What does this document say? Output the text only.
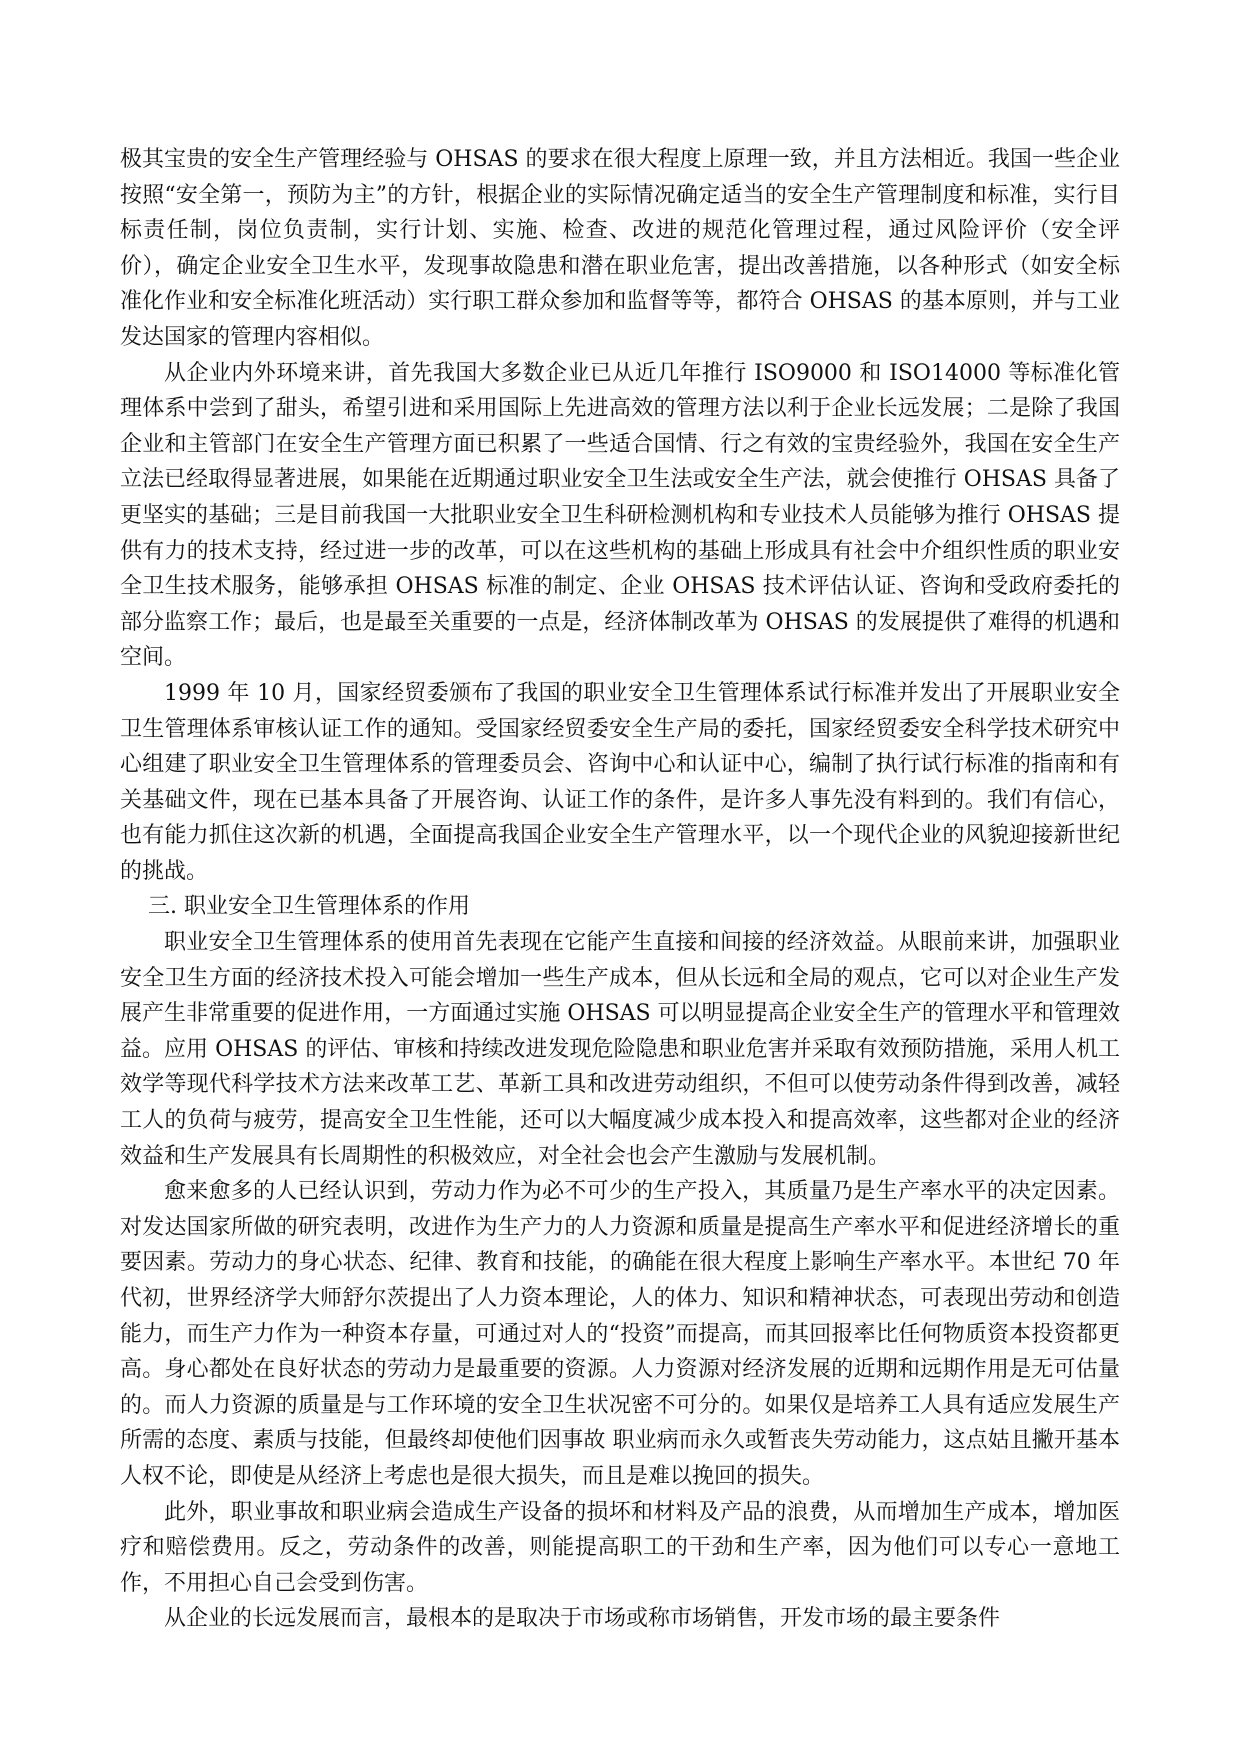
极其宝贵的安全生产管理经验与 OHSAS 的要求在很大程度上原理一致，并且方法相近。我国一些企业按照“安全第一，预防为主”的方针，根据企业的实际情况确定适当的安全生产管理制度和标准，实行目标责任制，岗位负责制，实行计划、实施、检查、改进的规范化管理过程，通过风险评价（安全评价），确定企业安全卫生水平，发现事故隐患和潜在职业危害，提出改善措施，以各种形式（如安全标准化作业和安全标准化班活动）实行职工群众参加和监督等等，都符合 OHSAS 的基本原则，并与工业发达国家的管理内容相似。

从企业内外环境来讲，首先我国大多数企业已从近几年推行 ISO9000 和 ISO14000 等标准化管理体系中尝到了甜头，希望引进和采用国际上先进高效的管理方法以利于企业长远发展；二是除了我国企业和主管部门在安全生产管理方面已积累了一些适合国情、行之有效的宝贵经验外，我国在安全生产立法已经取得显著进展，如果能在近期通过职业安全卫生法或安全生产法，就会使推行 OHSAS 具备了更坚实的基础；三是目前我国一大批职业安全卫生科研检测机构和专业技术人员能够为推行 OHSAS 提供有力的技术支持，经过进一步的改革，可以在这些机构的基础上形成具有社会中介组织性质的职业安全卫生技术服务，能够承担 OHSAS 标准的制定、企业 OHSAS 技术评估认证、咨询和受政府委托的部分监察工作；最后，也是最至关重要的一点是，经济体制改革为 OHSAS 的发展提供了难得的机遇和空间。

1999 年 10 月，国家经贸委颁布了我国的职业安全卫生管理体系试行标准并发出了开展职业安全卫生管理体系审核认证工作的通知。受国家经贸委安全生产局的委托，国家经贸委安全科学技术研究中心组建了职业安全卫生管理体系的管理委员会、咨询中心和认证中心，编制了执行试行标准的指南和有关基础文件，现在已基本具备了开展咨询、认证工作的条件，是许多人事先没有料到的。我们有信心，也有能力抓住这次新的机遇，全面提高我国企业安全生产管理水平，以一个现代企业的风貌迎接新世纪的挑战。

三. 职业安全卫生管理体系的作用

职业安全卫生管理体系的使用首先表现在它能产生直接和间接的经济效益。从眼前来讲，加强职业安全卫生方面的经济技术投入可能会增加一些生产成本，但从长远和全局的观点，它可以对企业生产发展产生非常重要的促进作用，一方面通过实施 OHSAS 可以明显提高企业安全生产的管理水平和管理效益。应用 OHSAS 的评估、审核和持续改进发现危险隐患和职业危害并采取有效预防措施，采用人机工效学等现代科学技术方法来改革工艺、革新工具和改进劳动组织，不但可以使劳动条件得到改善，减轻工人的负荷与疲劳，提高安全卫生性能，还可以大幅度减少成本投入和提高效率，这些都对企业的经济效益和生产发展具有长周期性的积极效应，对全社会也会产生激励与发展机制。

愈来愈多的人已经认识到，劳动力作为必不可少的生产投入，其质量乃是生产率水平的决定因素。对发达国家所做的研究表明，改进作为生产力的人力资源和质量是提高生产率水平和促进经济增长的重要因素。劳动力的身心状态、纪律、教育和技能，的确能在很大程度上影响生产率水平。本世纪 70 年代初，世界经济学大师舒尔茨提出了人力资本理论，人的体力、知识和精神状态，可表现出劳动和创造能力，而生产力作为一种资本存量，可通过对人的“投资”而提高，而其回报率比任何物质资本投资都更高。身心都处在良好状态的劳动力是最重要的资源。人力资源对经济发展的近期和远期作用是无可估量的。而人力资源的质量是与工作环境的安全卫生状况密不可分的。如果仅是培养工人具有适应发展生产所需的态度、素质与技能，但最终却使他们因事故 职业病而永久或暂丧失劳动能力，这点姑且撇开基本人权不论，即使是从经济上考虑也是很大损失，而且是难以挽回的损失。

此外，职业事故和职业病会造成生产设备的损坏和材料及产品的浪费，从而增加生产成本，增加医疗和赔偿费用。反之，劳动条件的改善，则能提高职工的干劲和生产率，因为他们可以专心一意地工作，不用担心自己会受到伤害。

从企业的长远发展而言，最根本的是取决于市场或称市场销售，开发市场的最主要条件
